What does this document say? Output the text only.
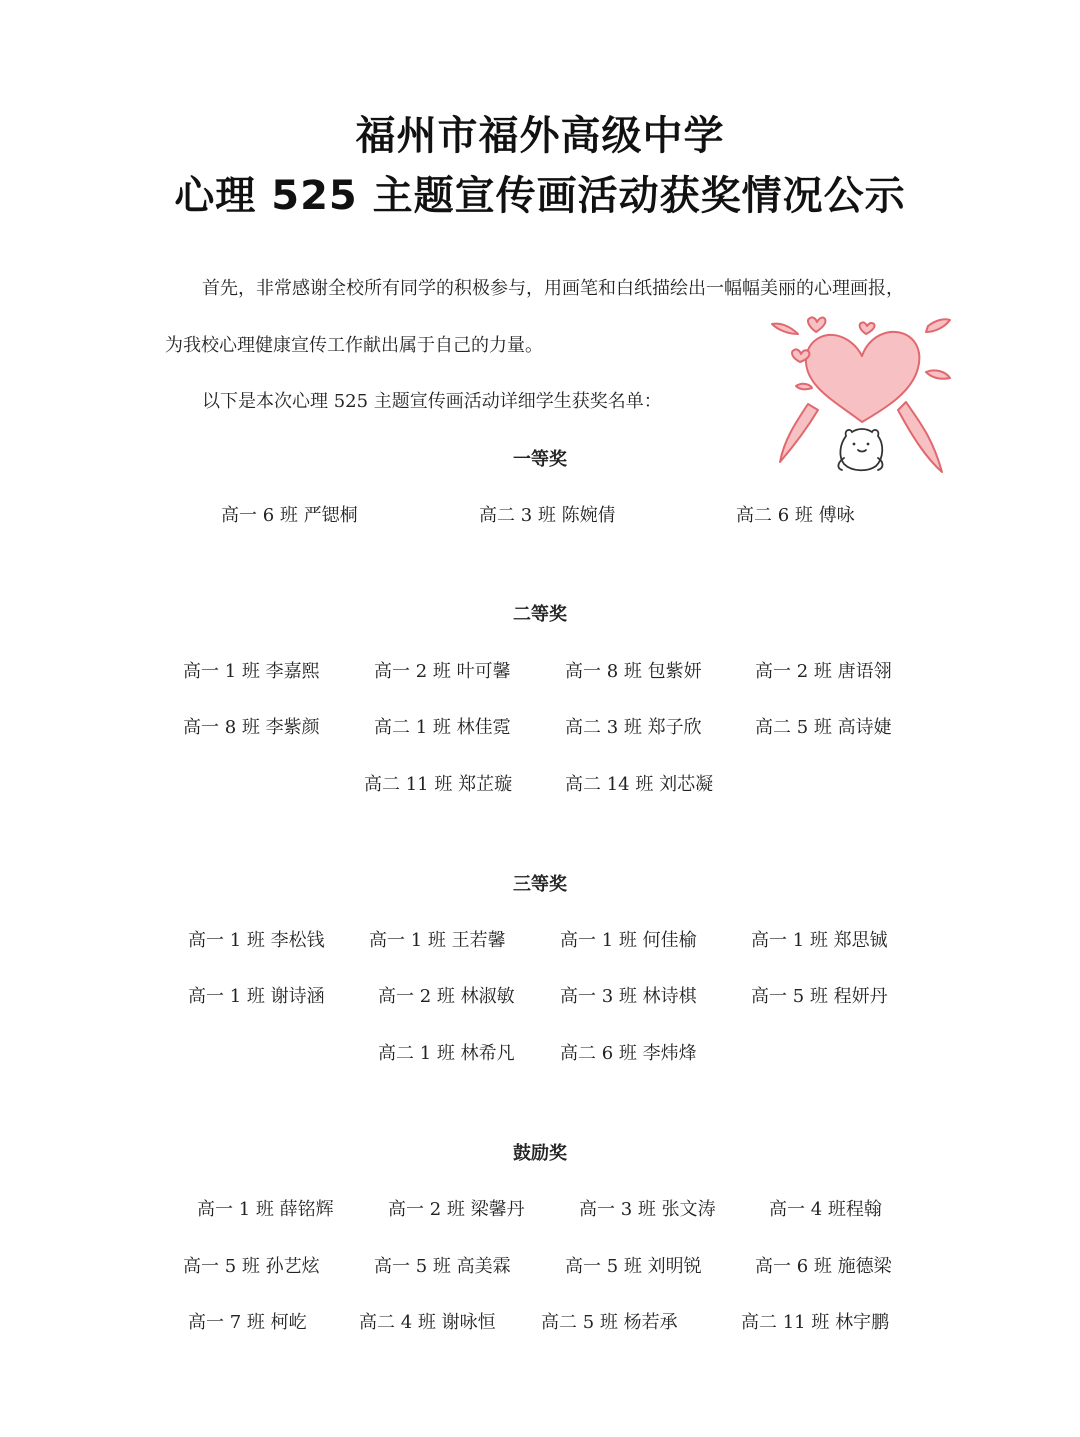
福州市福外高级中学
心理 525 主题宣传画活动获奖情况公示
首先，非常感谢全校所有同学的积极参与，用画笔和白纸描绘出一幅幅美丽的心理画报，
为我校心理健康宣传工作献出属于自己的力量。
以下是本次心理 525 主题宣传画活动详细学生获奖名单：
一等奖
高一 6 班 严锶桐	高二 3 班 陈婉倩	高二 6 班 傅咏
二等奖
高一 1 班 李嘉熙	高一 2 班 叶可馨	高一 8 班 包紫妍	高一 2 班 唐语翎
高一 8 班 李紫颜	高二 1 班 林佳霓	高二 3 班 郑子欣	高二 5 班 高诗婕
高二 11 班 郑芷璇	高二 14 班 刘芯凝
三等奖
高一 1 班 李松钱 高一 1 班 王若馨	高一 1 班 何佳榆	高一 1 班 郑思铖
高一 1 班 谢诗涵	高一 2 班 林淑敏	高一 3 班 林诗棋	高一 5 班 程妍丹
高二 1 班 林希凡	高二 6 班 李炜烽
鼓励奖
高一 1 班 薛铭辉	高一 2 班 梁馨丹	高一 3 班 张文涛	高一 4 班程翰
高一 5 班 孙艺炫	高一 5 班 高美霖	高一 5 班 刘明锐	高一 6 班 施德梁
高一 7 班 柯屹	高二 4 班 谢咏恒	高二 5 班 杨若承	高二 11 班 林宇鹏
